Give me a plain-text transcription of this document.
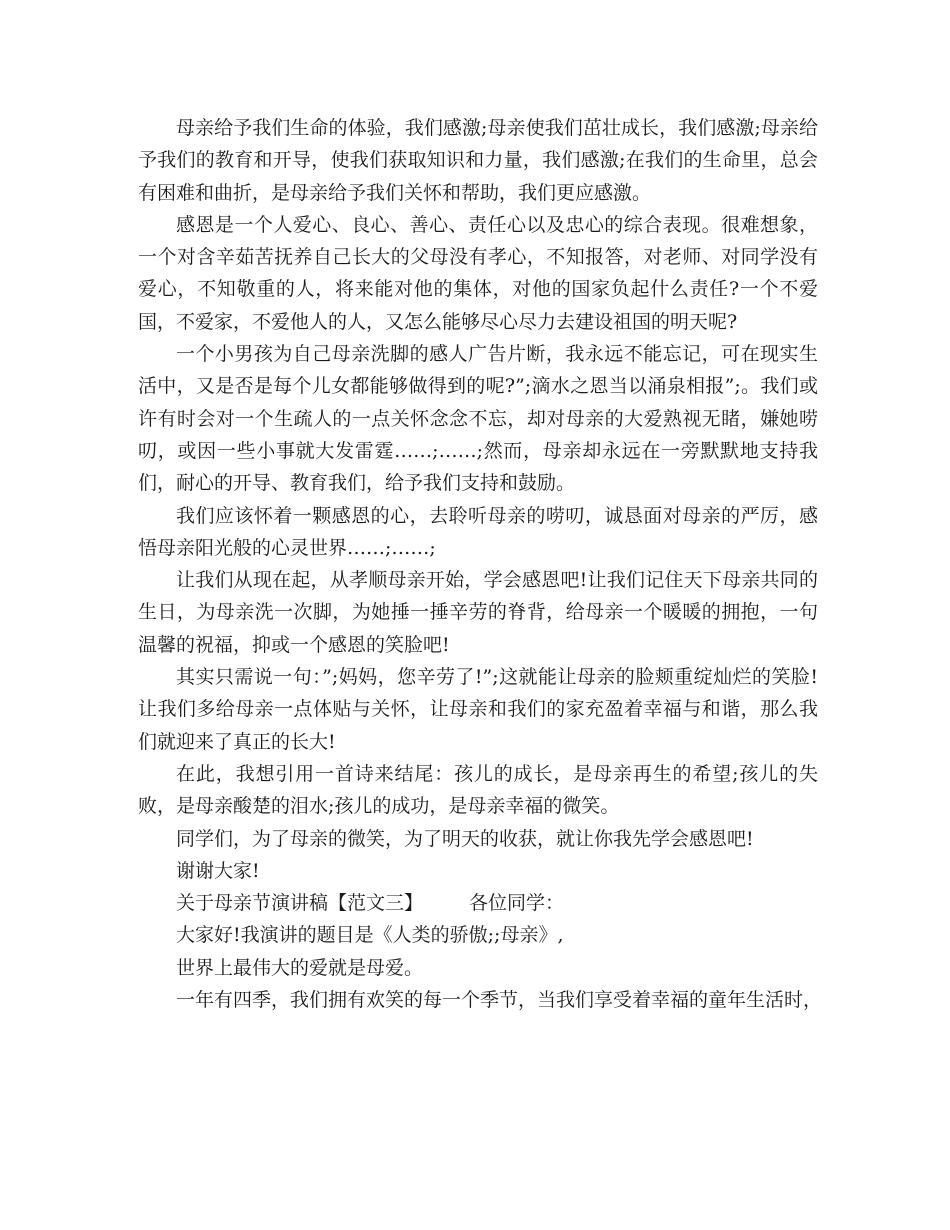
母亲给予我们生命的体验，我们感激;母亲使我们茁壮成长，我们感激;母亲给予我们的教育和开导，使我们获取知识和力量，我们感激;在我们的生命里，总会有困难和曲折，是母亲给予我们关怀和帮助，我们更应感激。

感恩是一个人爱心、良心、善心、责任心以及忠心的综合表现。很难想象，一个对含辛茹苦抚养自己长大的父母没有孝心，不知报答，对老师、对同学没有爱心，不知敬重的人，将来能对他的集体，对他的国家负起什么责任?一个不爱国，不爱家，不爱他人的人，又怎么能够尽心尽力去建设祖国的明天呢?

一个小男孩为自己母亲洗脚的感人广告片断，我永远不能忘记，可在现实生活中，又是否是每个儿女都能够做得到的呢?”;滴水之恩当以涌泉相报”;。我们或许有时会对一个生疏人的一点关怀念念不忘，却对母亲的大爱熟视无睹，嫌她唠叨，或因一些小事就大发雷霆……;……;然而，母亲却永远在一旁默默地支持我们，耐心的开导、教育我们，给予我们支持和鼓励。

我们应该怀着一颗感恩的心，去聆听母亲的唠叨，诚恳面对母亲的严厉，感悟母亲阳光般的心灵世界……;……;

让我们从现在起，从孝顺母亲开始，学会感恩吧!让我们记住天下母亲共同的生日，为母亲洗一次脚，为她捶一捶辛劳的脊背，给母亲一个暖暖的拥抱，一句温馨的祝福，抑或一个感恩的笑脸吧!

其实只需说一句：”;妈妈，您辛劳了!”;这就能让母亲的脸颊重绽灿烂的笑脸!让我们多给母亲一点体贴与关怀，让母亲和我们的家充盈着幸福与和谐，那么我们就迎来了真正的长大!

在此，我想引用一首诗来结尾：孩儿的成长，是母亲再生的希望;孩儿的失败，是母亲酸楚的泪水;孩儿的成功，是母亲幸福的微笑。

同学们，为了母亲的微笑，为了明天的收获，就让你我先学会感恩吧!

谢谢大家!

关于母亲节演讲稿【范文三】 各位同学：

大家好!我演讲的题目是《人类的骄傲;;母亲》,

世界上最伟大的爱就是母爱。

一年有四季，我们拥有欢笑的每一个季节，当我们享受着幸福的童年生活时，
